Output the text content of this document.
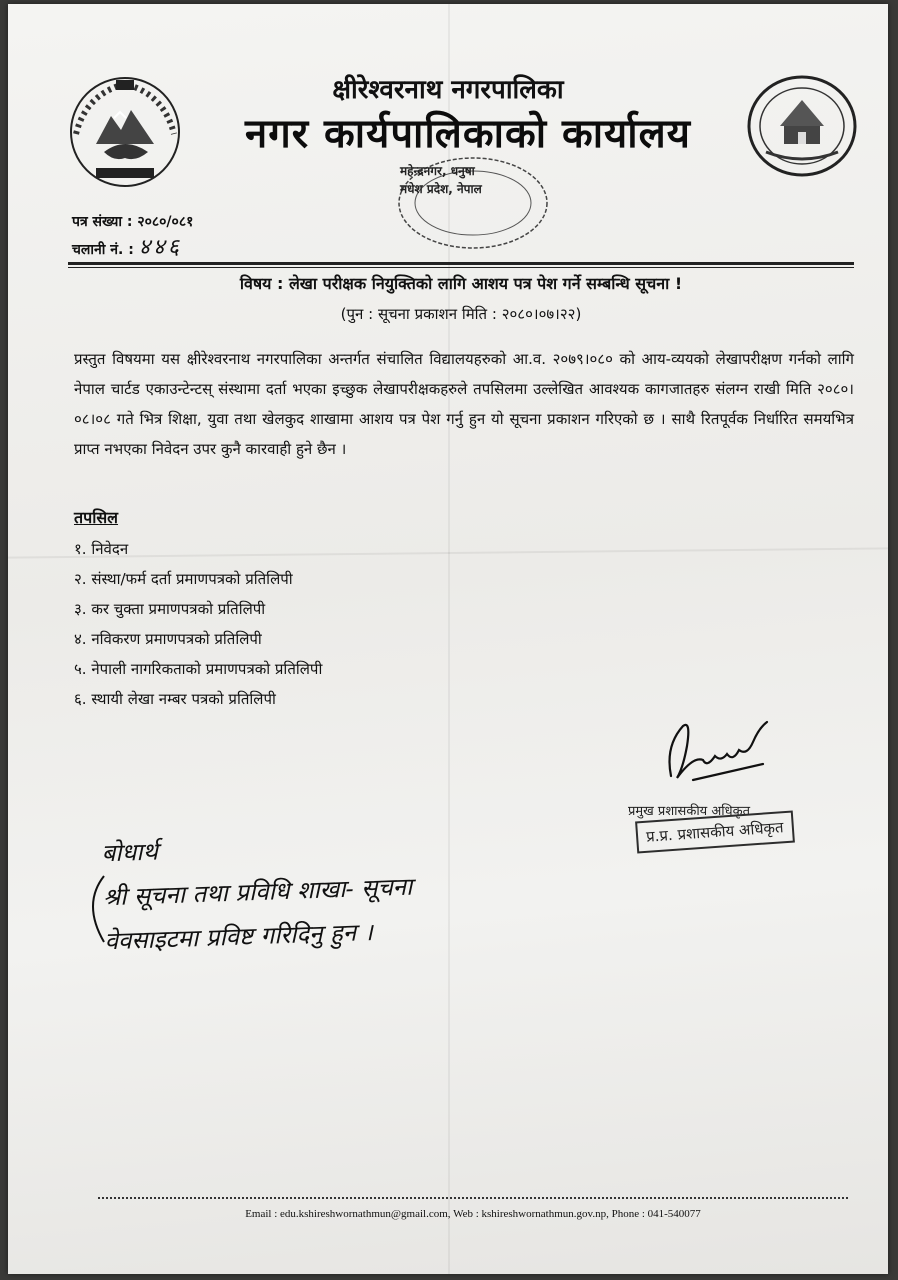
क्षीरेश्वरनाथ नगरपालिका
नगर कार्यपालिकाको कार्यालय
महेन्द्रनगर, धनुषा
मधेश प्रदेश, नेपाल
पत्र संख्या : २०८०/०८१
चलानी नं. : ४४६
विषय : लेखा परीक्षक नियुक्तिको लागि आशय पत्र पेश गर्ने सम्बन्धि सूचना !
(पुन : सूचना प्रकाशन मिति : २०८०।०७।२२)
प्रस्तुत विषयमा यस क्षीरेश्वरनाथ नगरपालिका अन्तर्गत संचालित विद्यालयहरुको आ.व. २०७९।०८० को आय-व्ययको लेखापरीक्षण गर्नको लागि नेपाल चार्टड एकाउन्टेन्टस् संस्थामा दर्ता भएका इच्छुक लेखापरीक्षकहरुले तपसिलमा उल्लेखित आवश्यक कागजातहरु संलग्न राखी मिति २०८०।०८।०८ गते भित्र शिक्षा, युवा तथा खेलकुद शाखामा आशय पत्र पेश गर्नु हुन यो सूचना प्रकाशन गरिएको छ । साथै रितपूर्वक निर्धारित समयभित्र प्राप्त नभएका निवेदन उपर कुनै कारवाही हुने छैन ।
तपसिल
१. निवेदन
२. संस्था/फर्म दर्ता प्रमाणपत्रको प्रतिलिपी
३. कर चुक्ता प्रमाणपत्रको प्रतिलिपी
४. नविकरण प्रमाणपत्रको प्रतिलिपी
५. नेपाली नागरिकताको प्रमाणपत्रको प्रतिलिपी
६. स्थायी लेखा नम्बर पत्रको प्रतिलिपी
प्रमुख प्रशासकीय अधिकृत
प्र.प्र. प्रशासकीय अधिकृत
बोधार्थ
श्री सूचना तथा प्रविधि शाखा- सूचना
वेवसाइटमा प्रविष्ट गरिदिनु हुन ।
Email : edu.kshireshwornathmun@gmail.com, Web : kshireshwornathmun.gov.np, Phone : 041-540077
